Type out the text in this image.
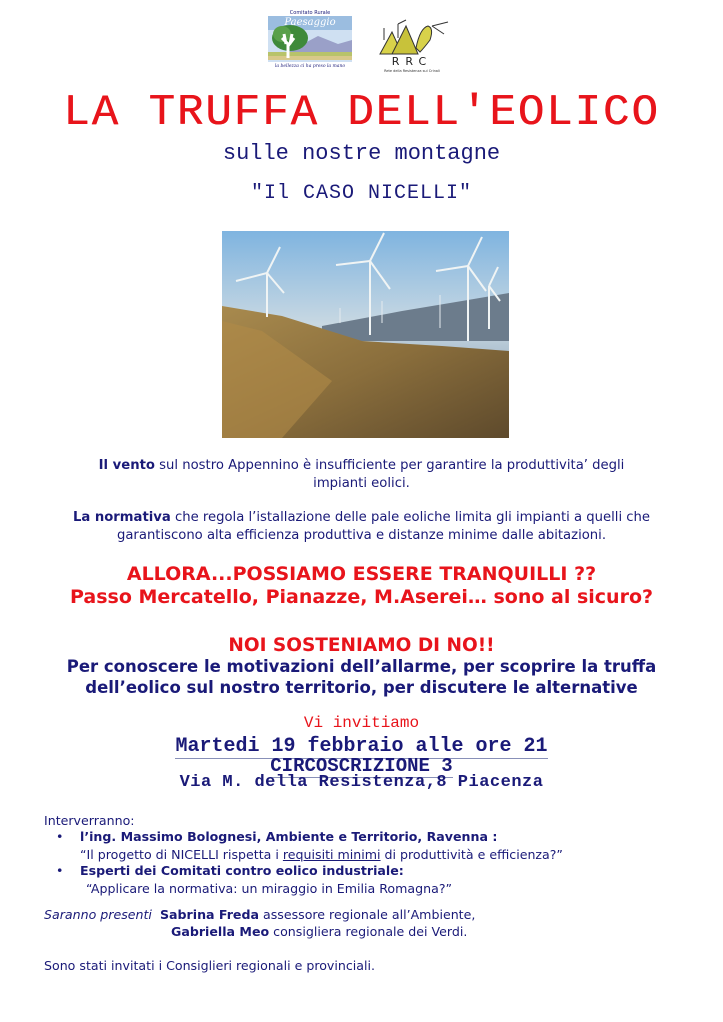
Comitato Rurale
Paesaggio
la bellezza ci ha preso la mano	RRC
Rete della Resistenza sui Crinali
LA TRUFFA DELL'EOLICO
sulle nostre montagne
"Il CASO NICELLI"
Il vento sul nostro Appennino è insufficiente per garantire la produttivita’ degli impianti eolici.
La normativa che regola l’istallazione delle pale eoliche limita gli impianti a quelli che garantiscono alta efficienza produttiva e distanze minime dalle abitazioni.
ALLORA...POSSIAMO ESSERE TRANQUILLI ??
Passo Mercatello, Pianazze, M.Aserei… sono al sicuro?
NOI SOSTENIAMO DI NO!!
Per conoscere le motivazioni dell’allarme, per scoprire la truffa
dell’eolico sul nostro territorio, per discutere le alternative
Vi invitiamo
Martedi 19 febbraio alle ore 21
CIRCOSCRIZIONE 3
Via M. della Resistenza,8 Piacenza
Interverranno:
•	l’ing. Massimo Bolognesi, Ambiente e Territorio, Ravenna :
“Il progetto di NICELLI rispetta i requisiti minimi di produttività e efficienza?”
•	Esperti dei Comitati contro eolico industriale:
“Applicare la normativa: un miraggio in Emilia Romagna?”
Saranno presenti Sabrina Freda assessore regionale all’Ambiente,
Gabriella Meo consigliera regionale dei Verdi.
Sono stati invitati i Consiglieri regionali e provinciali.
